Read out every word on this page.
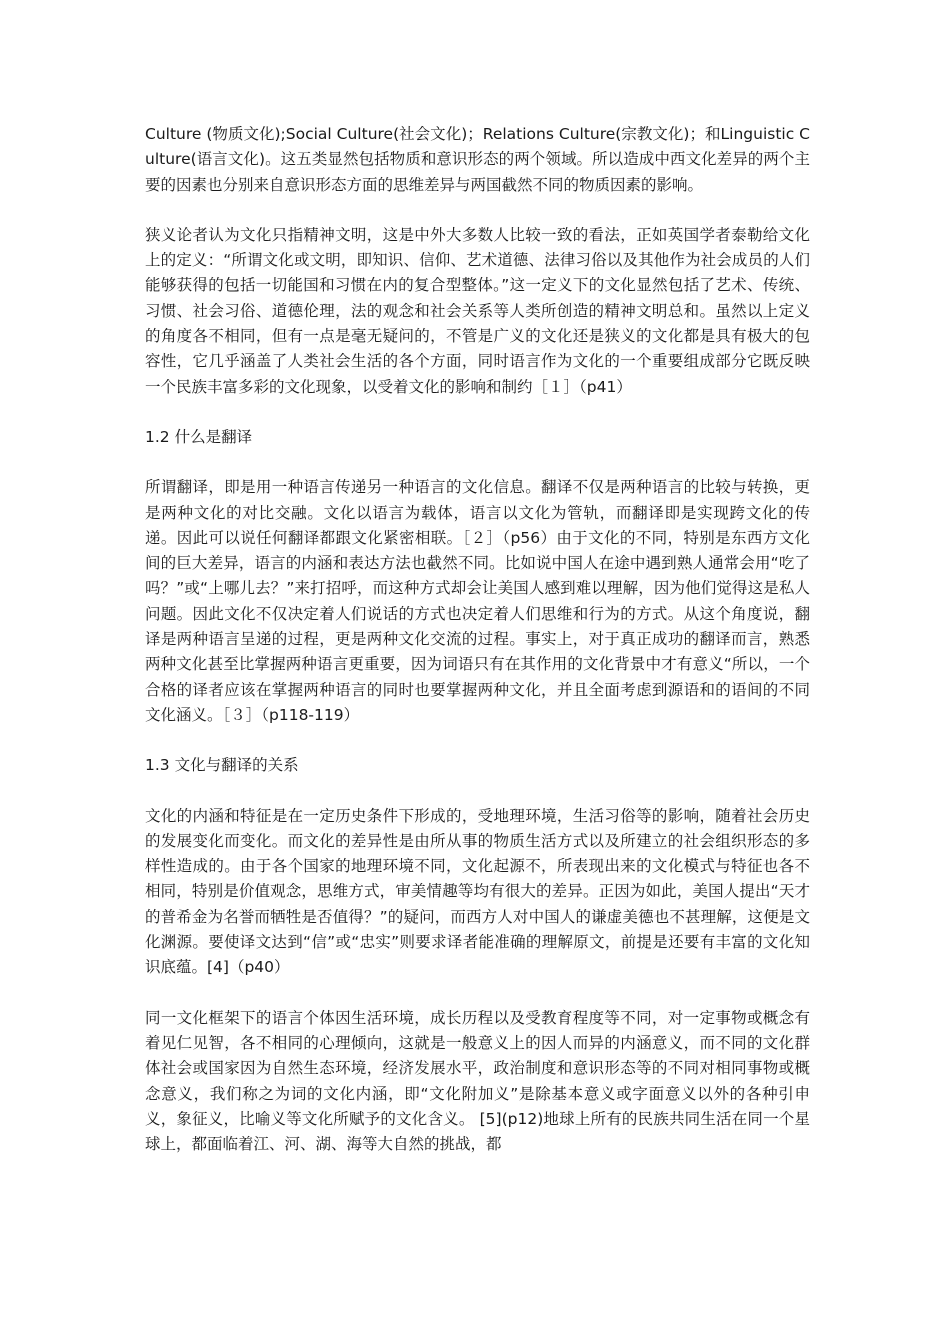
Culture (物质文化);Social Culture(社会文化)；Relations Culture(宗教文化)；和Linguistic Culture(语言文化)。这五类显然包括物质和意识形态的两个领域。所以造成中西文化差异的两个主要的因素也分别来自意识形态方面的思维差异与两国截然不同的物质因素的影响。

狭义论者认为文化只指精神文明，这是中外大多数人比较一致的看法，正如英国学者泰勒给文化上的定义：“所谓文化或文明，即知识、信仰、艺术道德、法律习俗以及其他作为社会成员的人们能够获得的包括一切能国和习惯在内的复合型整体。”这一定义下的文化显然包括了艺术、传统、习惯、社会习俗、道德伦理，法的观念和社会关系等人类所创造的精神文明总和。虽然以上定义的角度各不相同，但有一点是毫无疑问的，不管是广义的文化还是狭义的文化都是具有极大的包容性，它几乎涵盖了人类社会生活的各个方面，同时语言作为文化的一个重要组成部分它既反映一个民族丰富多彩的文化现象，以受着文化的影响和制约［１］（p41）

1.2 什么是翻译

所谓翻译，即是用一种语言传递另一种语言的文化信息。翻译不仅是两种语言的比较与转换，更是两种文化的对比交融。文化以语言为载体，语言以文化为管轨，而翻译即是实现跨文化的传递。因此可以说任何翻译都跟文化紧密相联。［２］（p56）由于文化的不同，特别是东西方文化间的巨大差异，语言的内涵和表达方法也截然不同。比如说中国人在途中遇到熟人通常会用“吃了吗？”或“上哪儿去？”来打招呼，而这种方式却会让美国人感到难以理解，因为他们觉得这是私人问题。因此文化不仅决定着人们说话的方式也决定着人们思维和行为的方式。从这个角度说，翻译是两种语言呈递的过程，更是两种文化交流的过程。事实上，对于真正成功的翻译而言，熟悉两种文化甚至比掌握两种语言更重要，因为词语只有在其作用的文化背景中才有意义“所以，一个合格的译者应该在掌握两种语言的同时也要掌握两种文化，并且全面考虑到源语和的语间的不同文化涵义。［３］（p118-119）

1.3 文化与翻译的关系

文化的内涵和特征是在一定历史条件下形成的，受地理环境，生活习俗等的影响，随着社会历史的发展变化而变化。而文化的差异性是由所从事的物质生活方式以及所建立的社会组织形态的多样性造成的。由于各个国家的地理环境不同，文化起源不，所表现出来的文化模式与特征也各不相同，特别是价值观念，思维方式，审美情趣等均有很大的差异。正因为如此，美国人提出“天才的普希金为名誉而牺牲是否值得？”的疑问，而西方人对中国人的谦虚美德也不甚理解，这便是文化渊源。要使译文达到“信”或“忠实”则要求译者能准确的理解原文，前提是还要有丰富的文化知识底蕴。[4]（p40）

同一文化框架下的语言个体因生活环境，成长历程以及受教育程度等不同，对一定事物或概念有着见仁见智，各不相同的心理倾向，这就是一般意义上的因人而异的内涵意义，而不同的文化群体社会或国家因为自然生态环境，经济发展水平，政治制度和意识形态等的不同对相同事物或概念意义，我们称之为词的文化内涵，即“文化附加义”是除基本意义或字面意义以外的各种引申义，象征义，比喻义等文化所赋予的文化含义。 [5](p12)地球上所有的民族共同生活在同一个星球上，都面临着江、河、湖、海等大自然的挑战，都
